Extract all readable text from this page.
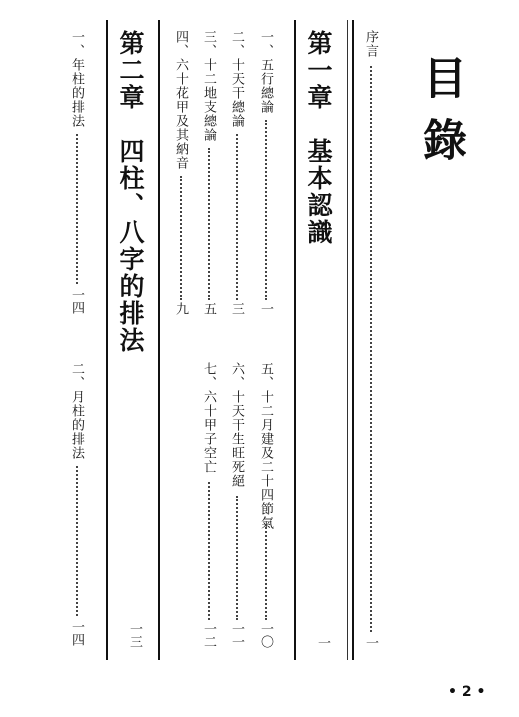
目錄
序言
一
第一章　基本認識
一
一、五行總論
一
二、十天干總論
三
三、十二地支總論
五
四、六十花甲及其納音
九
五、十二月建及二十四節氣
一〇
六、十天干生旺死絕
一一
七、六十甲子空亡
一二
第二章　四柱、八字的排法
一三
一、年柱的排法
一四
二、月柱的排法
一四
• 2 •
